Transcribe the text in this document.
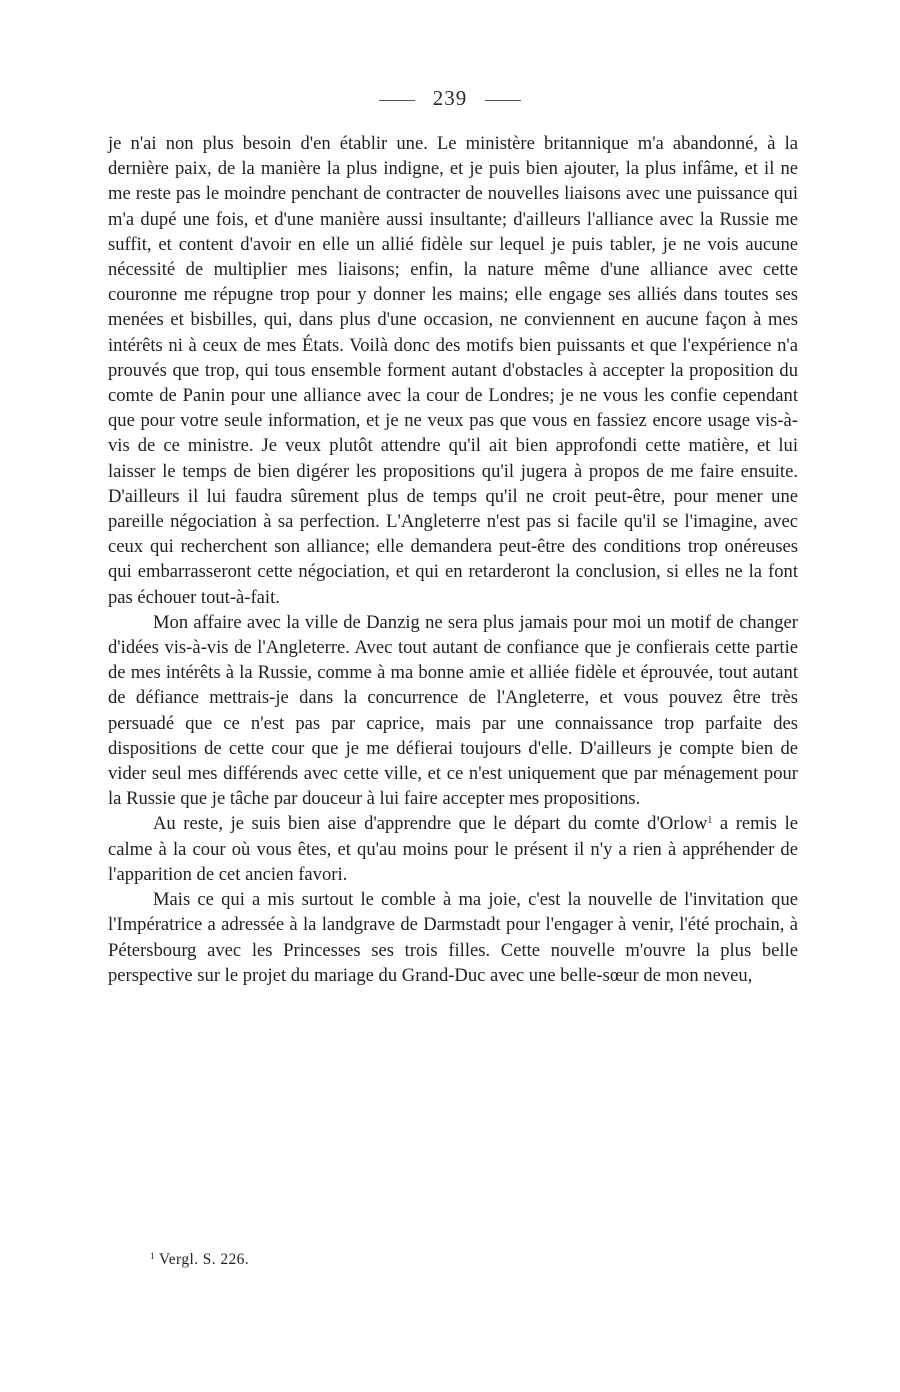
239

je n'ai non plus besoin d'en établir une. Le ministère britannique m'a abandonné, à la dernière paix, de la manière la plus indigne, et je puis bien ajouter, la plus infâme, et il ne me reste pas le moindre penchant de contracter de nouvelles liaisons avec une puissance qui m'a dupé une fois, et d'une manière aussi insultante; d'ailleurs l'alliance avec la Russie me suffit, et content d'avoir en elle un allié fidèle sur lequel je puis tabler, je ne vois aucune nécessité de multiplier mes liaisons; enfin, la nature même d'une alliance avec cette couronne me répugne trop pour y donner les mains; elle engage ses alliés dans toutes ses menées et bisbilles, qui, dans plus d'une occasion, ne conviennent en aucune façon à mes intérêts ni à ceux de mes États. Voilà donc des motifs bien puissants et que l'expérience n'a prouvés que trop, qui tous ensemble forment autant d'obstacles à accepter la proposition du comte de Panin pour une alliance avec la cour de Londres; je ne vous les confie cependant que pour votre seule information, et je ne veux pas que vous en fassiez encore usage vis-à-vis de ce ministre. Je veux plutôt attendre qu'il ait bien approfondi cette matière, et lui laisser le temps de bien digérer les propositions qu'il jugera à propos de me faire ensuite. D'ailleurs il lui faudra sûrement plus de temps qu'il ne croit peut-être, pour mener une pareille négociation à sa perfection. L'Angleterre n'est pas si facile qu'il se l'imagine, avec ceux qui recherchent son alliance; elle demandera peut-être des conditions trop onéreuses qui embarrasseront cette négociation, et qui en retarderont la conclusion, si elles ne la font pas échouer tout-à-fait.

Mon affaire avec la ville de Danzig ne sera plus jamais pour moi un motif de changer d'idées vis-à-vis de l'Angleterre. Avec tout autant de confiance que je confierais cette partie de mes intérêts à la Russie, comme à ma bonne amie et alliée fidèle et éprouvée, tout autant de défiance mettrais-je dans la concurrence de l'Angleterre, et vous pouvez être très persuadé que ce n'est pas par caprice, mais par une connaissance trop parfaite des dispositions de cette cour que je me défierai toujours d'elle. D'ailleurs je compte bien de vider seul mes différends avec cette ville, et ce n'est uniquement que par ménagement pour la Russie que je tâche par douceur à lui faire accepter mes propositions.

Au reste, je suis bien aise d'apprendre que le départ du comte d'Orlow$^1$ a remis le calme à la cour où vous êtes, et qu'au moins pour le présent il n'y a rien à appréhender de l'apparition de cet ancien favori.

Mais ce qui a mis surtout le comble à ma joie, c'est la nouvelle de l'invitation que l'Impératrice a adressée à la landgrave de Darmstadt pour l'engager à venir, l'été prochain, à Pétersbourg avec les Princesses ses trois filles. Cette nouvelle m'ouvre la plus belle perspective sur le projet du mariage du Grand-Duc avec une belle-sœur de mon neveu,

$^1$ Vergl. S. 226.
